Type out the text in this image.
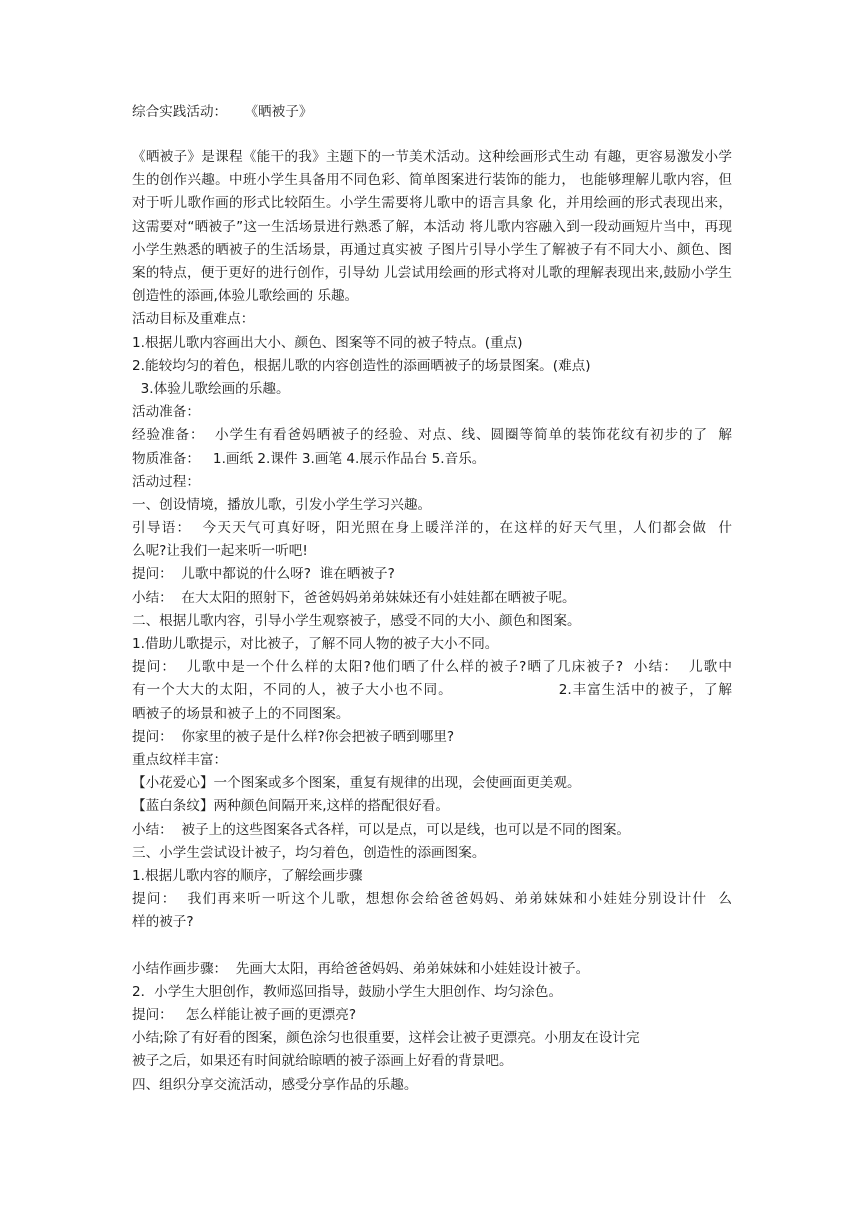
综合实践活动：    《晒被子》
《晒被子》是课程《能干的我》主题下的一节美术活动。这种绘画形式生动 有趣，更容易激发小学生的创作兴趣。中班小学生具备用不同色彩、简单图案进行装饰的能力， 也能够理解儿歌内容，但对于听儿歌作画的形式比较陌生。小学生需要将儿歌中的语言具象 化，并用绘画的形式表现出来，这需要对“晒被子”这一生活场景进行熟悉了解，本活动 将儿歌内容融入到一段动画短片当中，再现小学生熟悉的晒被子的生活场景，再通过真实被 子图片引导小学生了解被子有不同大小、颜色、图案的特点，便于更好的进行创作，引导幼 儿尝试用绘画的形式将对儿歌的理解表现出来,鼓励小学生创造性的添画,体验儿歌绘画的 乐趣。
活动目标及重难点：
1.根据儿歌内容画出大小、颜色、图案等不同的被子特点。(重点)
2.能较均匀的着色，根据儿歌的内容创造性的添画晒被子的场景图案。(难点)
3.体验儿歌绘画的乐趣。
活动准备：
经验准备：  小学生有看爸妈晒被子的经验、对点、线、圆圈等简单的装饰花纹有初步的了  解
物质准备：   1.画纸 2.课件 3.画笔 4.展示作品台 5.音乐。
活动过程：
一、创设情境，播放儿歌，引发小学生学习兴趣。
引导语：  今天天气可真好呀，阳光照在身上暖洋洋的，在这样的好天气里，人们都会做  什
么呢?让我们一起来听一听吧!
提问：  儿歌中都说的什么呀?  谁在晒被子?
小结：  在大太阳的照射下，爸爸妈妈弟弟妹妹还有小娃娃都在晒被子呢。
二、根据儿歌内容，引导小学生观察被子，感受不同的大小、颜色和图案。
1.借助儿歌提示，对比被子，了解不同人物的被子大小不同。
提问：  儿歌中是一个什么样的太阳?他们晒了什么样的被子?晒了几床被子?  小结：  儿歌中
有一个大大的太阳，不同的人，被子大小也不同。                    2.丰富生活中的被子，了解
晒被子的场景和被子上的不同图案。
提问：  你家里的被子是什么样?你会把被子晒到哪里?
重点纹样丰富：
【小花爱心】一个图案或多个图案，重复有规律的出现，会使画面更美观。
【蓝白条纹】两种颜色间隔开来,这样的搭配很好看。
小结：  被子上的这些图案各式各样，可以是点，可以是线，也可以是不同的图案。
三、小学生尝试设计被子，均匀着色，创造性的添画图案。
1.根据儿歌内容的顺序，了解绘画步骤
提问：  我们再来听一听这个儿歌，想想你会给爸爸妈妈、弟弟妹妹和小娃娃分别设计什  么
样的被子?
小结作画步骤：  先画大太阳，再给爸爸妈妈、弟弟妹妹和小娃娃设计被子。
2．小学生大胆创作，教师巡回指导，鼓励小学生大胆创作、均匀涂色。
提问：   怎么样能让被子画的更漂亮?
小结;除了有好看的图案，颜色涂匀也很重要，这样会让被子更漂亮。小朋友在设计完
被子之后，如果还有时间就给晾晒的被子添画上好看的背景吧。
四、组织分享交流活动，感受分享作品的乐趣。
